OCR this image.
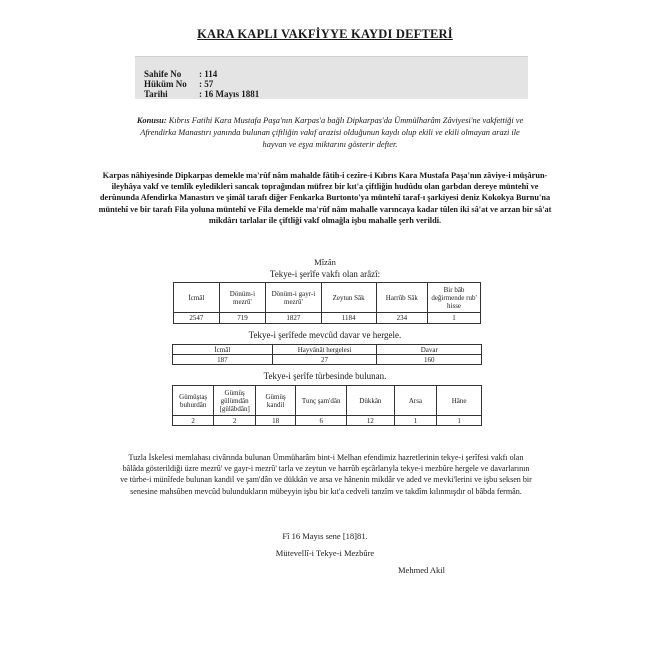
KARA KAPLI VAKFİYYE KAYDI DEFTERİ
Sahife No : 114
Hüküm No : 57
Tarihi	: 16 Mayıs 1881
Konusu: Kıbrıs Fatihi Kara Mustafa Paşa'nın Karpas'a bağlı Dipkarpas'da Ümmülharâm Zâviyesi'ne vakfettiği ve Afrendirka Manastırı yanında bulunan çiftliğin vakıf arazisi olduğunun kaydı olup ekili ve ekili olmayan arazi ile hayvan ve eşya miktarını gösterir defter.
Karpas nâhiyesinde Dipkarpas demekle ma'rûf nâm mahalde fâtih-i cezîre-i Kıbrıs Kara Mustafa Paşa'nın zâviye-i müşârun-ileyhâya vakf ve temlîk eyledikleri sancak topraǧından müfrez bir kıt'a çiftliǧin hudûdu olan garbdan dereye müntehî ve derûnunda Afendirka Manastırı ve şimâl tarafı diǧer Fenkarka Burtonto'ya müntehî taraf-ı şarkiyesi deniz Kokokya Burnu'na müntehî ve bir tarafı Fila yoluna müntehî ve Fila demekle ma'rûf nâm mahalle varıncaya kadar tûlen iki sâ'at ve arzan bir sâ'at mikdârı tarlalar ile çiftliǧi vakf olmaǧla işbu mahalle şerh verildi.
Mîzân
Tekye-i şerîfe vakfı olan arâzî:
İcmâl	Dönüm-i mezrû'	Dönüm-i gayr-i mezrû'	Zeytun Sâk	Harrûb Sâk	Bir bâb değirmende rub' hisse
2547	719	1827	1184	234	1
Tekye-i şerîfede mevcûd davar ve hergele.
İcmâl	Hayvânât hergelesi	Davar
187	27	160
Tekye-i şerîfe türbesinde bulunan.
Gümüştaş buhurdân	Gümüş gülümdân [gülâbdân]	Gümüş kandil	Tunç şam'dân	Dükkân	Arsa	Hâne
2	2	18	6	12	1	1
Tuzla İskelesi memlahası civârında bulunan Ümmüharâm bint-i Melhan efendimiz hazretlerinin tekye-i şerîfesi vakfı olan bâlâda gösterildiǧi üzre mezrû' ve gayr-i mezrû' tarla ve zeytun ve harrûb eşcârlarıyla tekye-i mezbûre hergele ve davarlarının ve türbe-i münîfede bulunan kandil ve şam'dân ve dükkân ve arsa ve hânenin mikdâr ve aded ve mevki'lerini ve işbu seksen bir senesine mahsûben mevcûd bulundukların mübeyyin işbu bir kıt'a cedveli tanzîm ve takdîm kılınmışdır ol bâbda fermân.
Fî 16 Mayıs sene [18]81.
Mütevellî-i Tekye-i Mezbûre
Mehmed Akil
